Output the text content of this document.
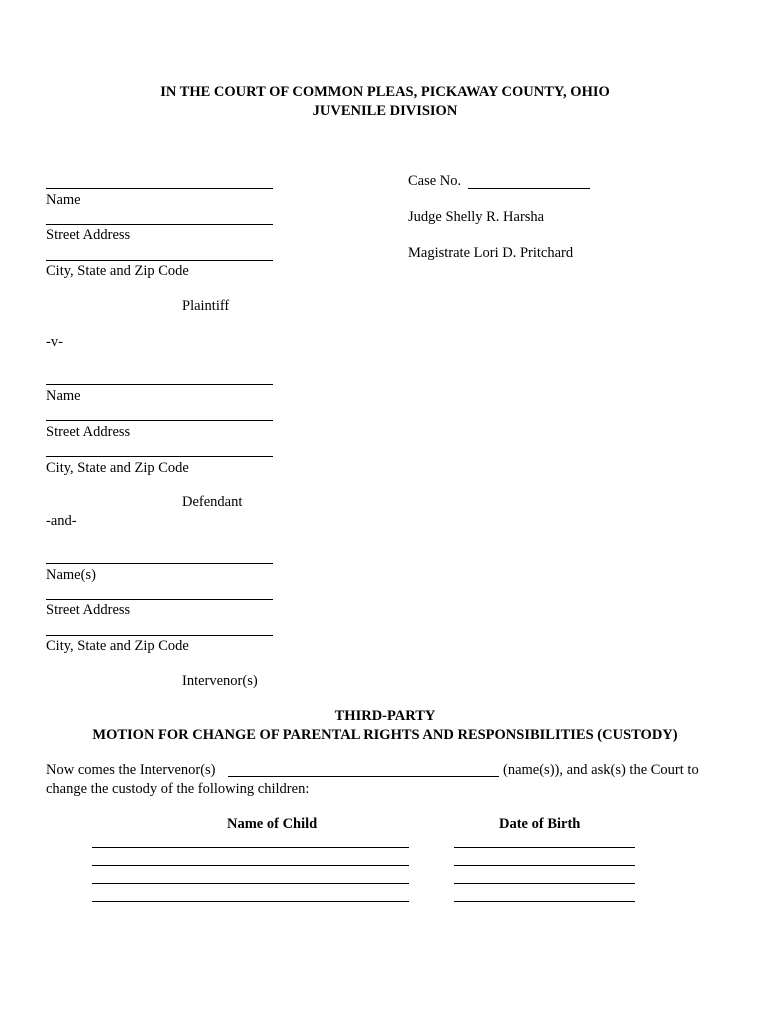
IN THE COURT OF COMMON PLEAS, PICKAWAY COUNTY, OHIO
JUVENILE DIVISION
Case No.
Judge Shelly R. Harsha
Magistrate Lori D. Pritchard
Name
Street Address
City, State and Zip Code
Plaintiff
-v-
Name
Street Address
City, State and Zip Code
Defendant
-and-
Name(s)
Street Address
City, State and Zip Code
Intervenor(s)
THIRD-PARTY
MOTION FOR CHANGE OF PARENTAL RIGHTS AND RESPONSIBILITIES (CUSTODY)
Now comes the Intervenor(s)	(name(s)), and ask(s) the Court to
change the custody of the following children:
Name of Child	Date of Birth
